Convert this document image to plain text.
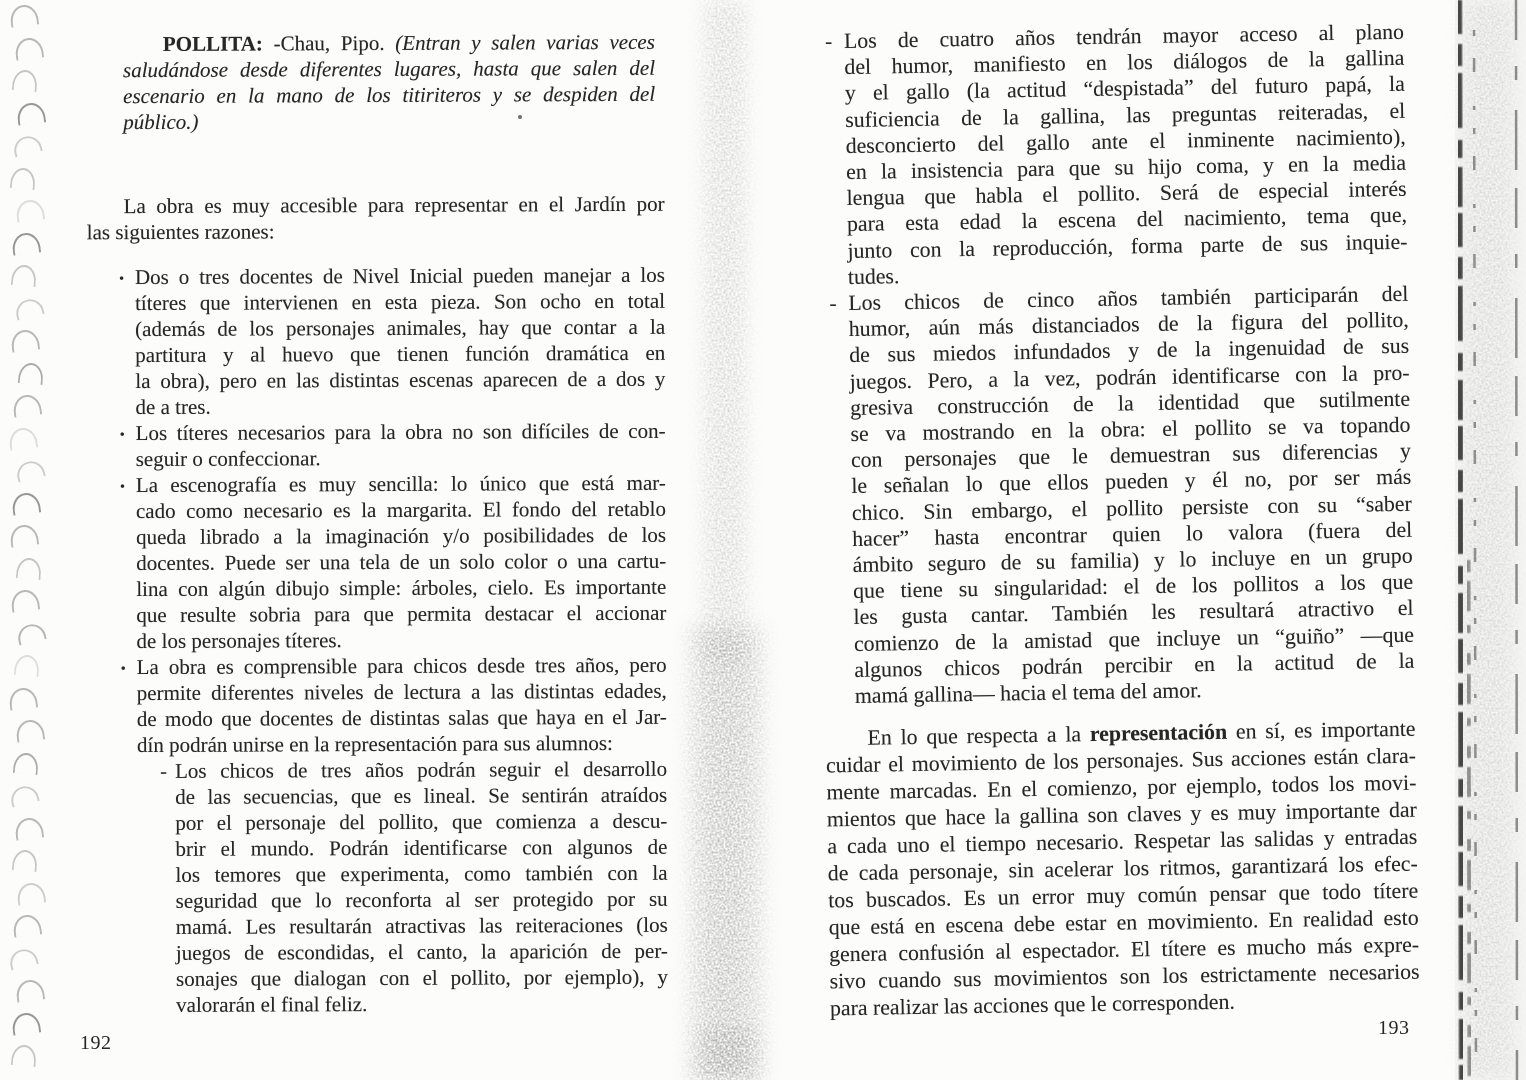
POLLITA: -Chau, Pipo. (Entran y salen varias veces
saludándose desde diferentes lugares, hasta que salen del
escenario en la mano de los titiriteros y se despiden del
público.)
La obra es muy accesible para representar en el Jardín por
las siguientes razones:
• Dos o tres docentes de Nivel Inicial pueden manejar a los
títeres que intervienen en esta pieza. Son ocho en total
(además de los personajes animales, hay que contar a la
partitura y al huevo que tienen función dramática en
la obra), pero en las distintas escenas aparecen de a dos y
de a tres.
• Los títeres necesarios para la obra no son difíciles de con-
seguir o confeccionar.
• La escenografía es muy sencilla: lo único que está mar-
cado como necesario es la margarita. El fondo del retablo
queda librado a la imaginación y/o posibilidades de los
docentes. Puede ser una tela de un solo color o una cartu-
lina con algún dibujo simple: árboles, cielo. Es importante
que resulte sobria para que permita destacar el accionar
de los personajes títeres.
• La obra es comprensible para chicos desde tres años, pero
permite diferentes niveles de lectura a las distintas edades,
de modo que docentes de distintas salas que haya en el Jar-
dín podrán unirse en la representación para sus alumnos:
- Los chicos de tres años podrán seguir el desarrollo
de las secuencias, que es lineal. Se sentirán atraídos
por el personaje del pollito, que comienza a descu-
brir el mundo. Podrán identificarse con algunos de
los temores que experimenta, como también con la
seguridad que lo reconforta al ser protegido por su
mamá. Les resultarán atractivas las reiteraciones (los
juegos de escondidas, el canto, la aparición de per-
sonajes que dialogan con el pollito, por ejemplo), y
valorarán el final feliz.
- Los de cuatro años tendrán mayor acceso al plano
del humor, manifiesto en los diálogos de la gallina
y el gallo (la actitud “despistada” del futuro papá, la
suficiencia de la gallina, las preguntas reiteradas, el
desconcierto del gallo ante el inminente nacimiento),
en la insistencia para que su hijo coma, y en la media
lengua que habla el pollito. Será de especial interés
para esta edad la escena del nacimiento, tema que,
junto con la reproducción, forma parte de sus inquie-
tudes.
- Los chicos de cinco años también participarán del
humor, aún más distanciados de la figura del pollito,
de sus miedos infundados y de la ingenuidad de sus
juegos. Pero, a la vez, podrán identificarse con la pro-
gresiva construcción de la identidad que sutilmente
se va mostrando en la obra: el pollito se va topando
con personajes que le demuestran sus diferencias y
le señalan lo que ellos pueden y él no, por ser más
chico. Sin embargo, el pollito persiste con su “saber
hacer” hasta encontrar quien lo valora (fuera del
ámbito seguro de su familia) y lo incluye en un grupo
que tiene su singularidad: el de los pollitos a los que
les gusta cantar. También les resultará atractivo el
comienzo de la amistad que incluye un “guiño” —que
algunos chicos podrán percibir en la actitud de la
mamá gallina— hacia el tema del amor.
En lo que respecta a la representación en sí, es importante
cuidar el movimiento de los personajes. Sus acciones están clara-
mente marcadas. En el comienzo, por ejemplo, todos los movi-
mientos que hace la gallina son claves y es muy importante dar
a cada uno el tiempo necesario. Respetar las salidas y entradas
de cada personaje, sin acelerar los ritmos, garantizará los efec-
tos buscados. Es un error muy común pensar que todo títere
que está en escena debe estar en movimiento. En realidad esto
genera confusión al espectador. El títere es mucho más expre-
sivo cuando sus movimientos son los estrictamente necesarios
para realizar las acciones que le corresponden.
192
193
